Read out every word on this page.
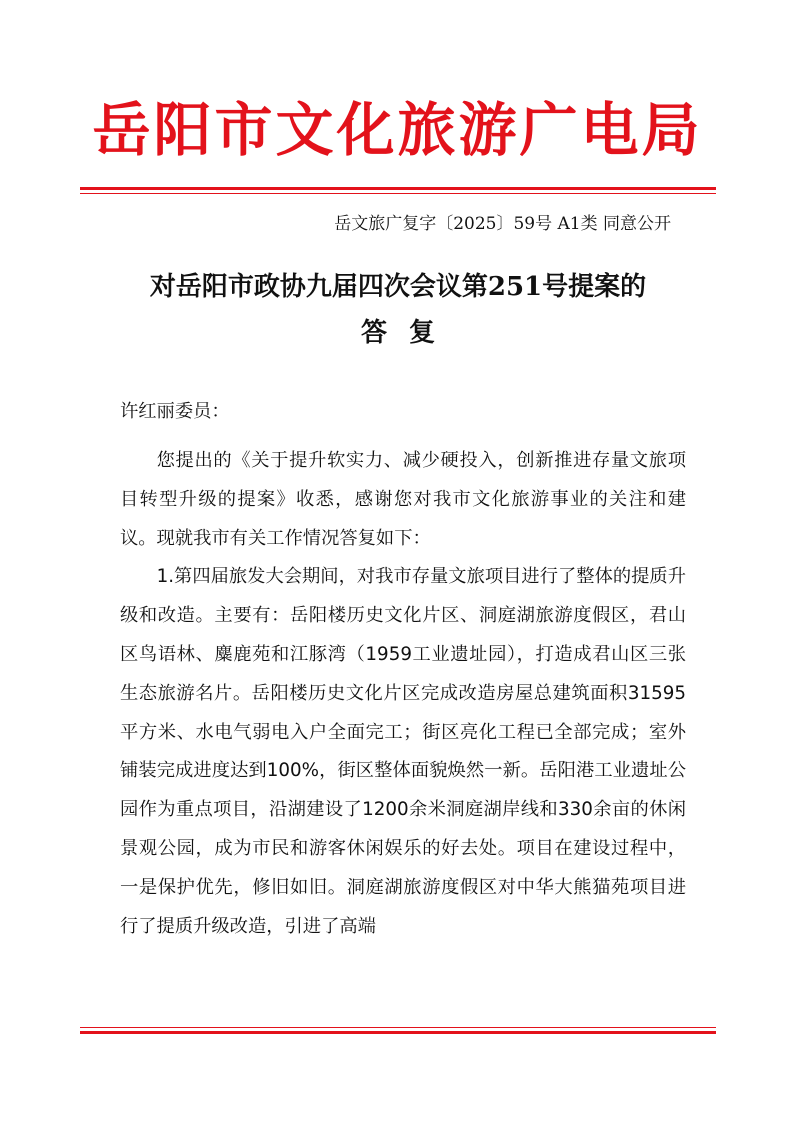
岳阳市文化旅游广电局
岳文旅广复字〔2025〕59号 A1类 同意公开
对岳阳市政协九届四次会议第251号提案的
答复
许红丽委员：

您提出的《关于提升软实力、减少硬投入，创新推进存量文旅项目转型升级的提案》收悉，感谢您对我市文化旅游事业的关注和建议。现就我市有关工作情况答复如下：

1.第四届旅发大会期间，对我市存量文旅项目进行了整体的提质升级和改造。主要有：岳阳楼历史文化片区、洞庭湖旅游度假区，君山区鸟语林、麋鹿苑和江豚湾（1959工业遗址园），打造成君山区三张生态旅游名片。岳阳楼历史文化片区完成改造房屋总建筑面积31595平方米、水电气弱电入户全面完工；街区亮化工程已全部完成；室外铺装完成进度达到100%，街区整体面貌焕然一新。岳阳港工业遗址公园作为重点项目，沿湖建设了1200余米洞庭湖岸线和330余亩的休闲景观公园，成为市民和游客休闲娱乐的好去处。项目在建设过程中，一是保护优先，修旧如旧。洞庭湖旅游度假区对中华大熊猫苑项目进行了提质升级改造，引进了高端
